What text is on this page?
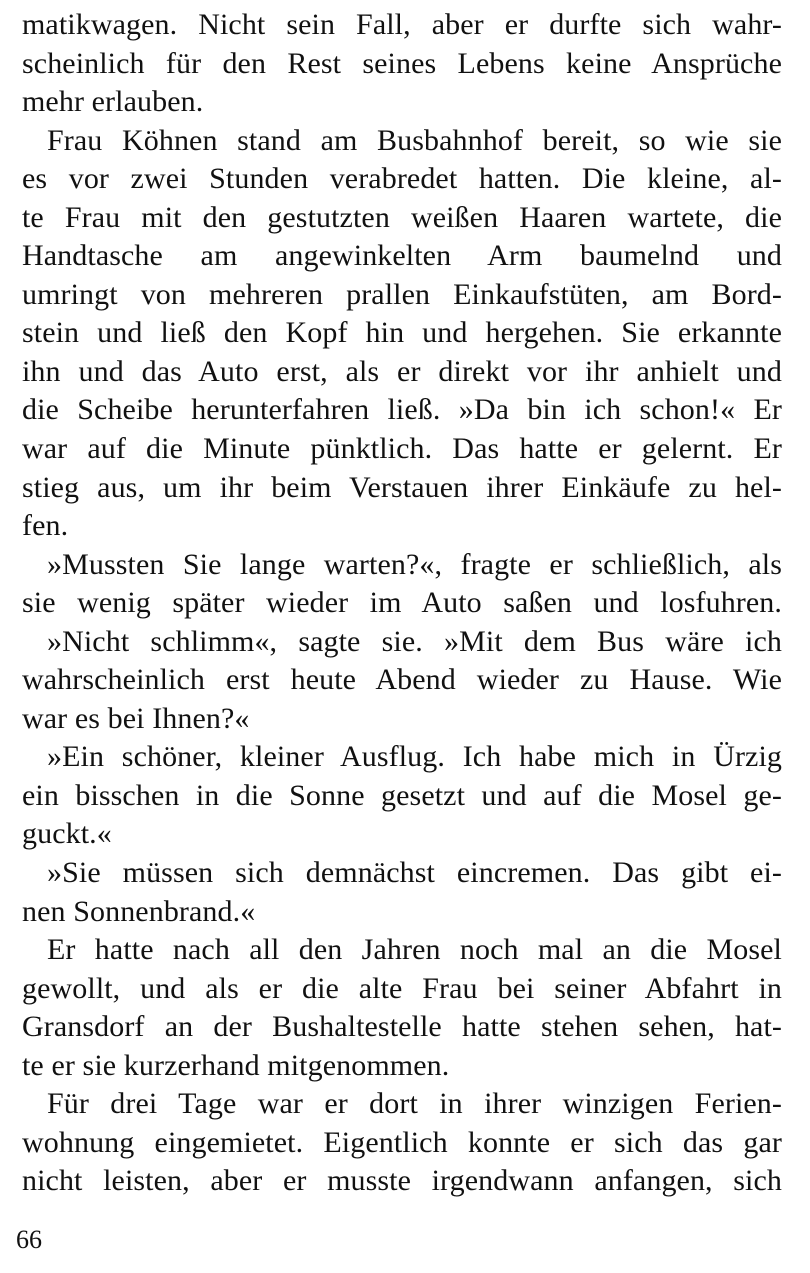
matikwagen. Nicht sein Fall, aber er durfte sich wahr-
scheinlich für den Rest seines Lebens keine Ansprüche
mehr erlauben.
Frau Köhnen stand am Busbahnhof bereit, so wie sie
es vor zwei Stunden verabredet hatten. Die kleine, al-
te Frau mit den gestutzten weißen Haaren wartete, die
Handtasche am angewinkelten Arm baumelnd und
umringt von mehreren prallen Einkaufstüten, am Bord-
stein und ließ den Kopf hin und hergehen. Sie erkannte
ihn und das Auto erst, als er direkt vor ihr anhielt und
die Scheibe herunterfahren ließ. »Da bin ich schon!« Er
war auf die Minute pünktlich. Das hatte er gelernt. Er
stieg aus, um ihr beim Verstauen ihrer Einkäufe zu hel-
fen.
»Mussten Sie lange warten?«, fragte er schließlich, als
sie wenig später wieder im Auto saßen und losfuhren.
»Nicht schlimm«, sagte sie. »Mit dem Bus wäre ich
wahrscheinlich erst heute Abend wieder zu Hause. Wie
war es bei Ihnen?«
»Ein schöner, kleiner Ausflug. Ich habe mich in Ürzig
ein bisschen in die Sonne gesetzt und auf die Mosel ge-
guckt.«
»Sie müssen sich demnächst eincremen. Das gibt ei-
nen Sonnenbrand.«
Er hatte nach all den Jahren noch mal an die Mosel
gewollt, und als er die alte Frau bei seiner Abfahrt in
Gransdorf an der Bushaltestelle hatte stehen sehen, hat-
te er sie kurzerhand mitgenommen.
Für drei Tage war er dort in ihrer winzigen Ferien-
wohnung eingemietet. Eigentlich konnte er sich das gar
nicht leisten, aber er musste irgendwann anfangen, sich
66
